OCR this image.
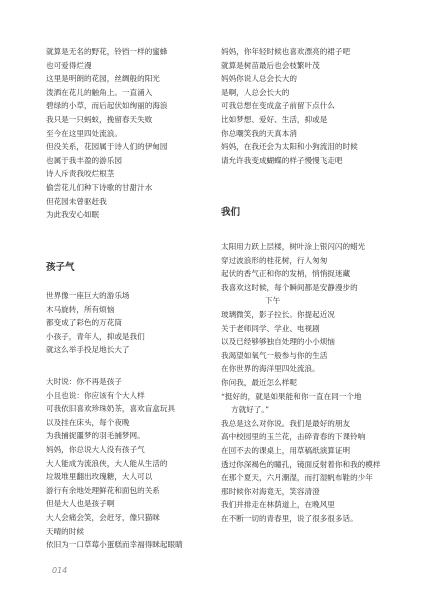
就算是无名的野花，铃铛一样的蜜蜂
也可爱得烂漫
这里是明朗的花园，丝绸般的阳光
泼洒在花儿的触角上。一直涌入
碧绿的小草，而后起伏如绚丽的海浪
我只是一只蚂蚁，挽留春天失败
至今在这里四处流浪。
但没关系，花园属于诗人们的伊甸园
也属于我丰盈的游乐园
诗人斥责我咬烂根茎
偷尝花儿们种下诗歌的甘甜汁水
但花园未曾驱赶我
为此我安心如眠
孩子气
世界像一座巨大的游乐场
木马旋转，所有烦恼
都变成了彩色的万花筒
小孩子，青年人，抑或是我们
就这么举手投足地长大了
大时说：你不再是孩子
小且也说：你应该有个大人样
可我依旧喜欢珍珠奶茶，喜欢盲盒玩具
以及挂在床头，每个夜晚
为我捕捉噩梦的羽毛捕梦网。
妈妈，你总说大人没有孩子气
大人能成为流浪侠，大人能从生活的
垃圾堆里翻出玫瑰糖，大人可以
游行有余地处理鲜花和面包的关系
但是大人也是孩子啊
大人会痛会笑，会赶牙，像只猫咪
天晴的时候
依旧为一口草莓小蛋糕而幸福得眯起眼睛
妈妈，你年轻时候也喜欢漂亮的裙子吧
就算是树苗最后也会枝繁叶茂
妈妈你说人总会长大的
是啊，人总会长大的
可我总想在变成盒子前留下点什么
比如梦想、爱好、生活，抑或是
你总嘲笑我的天真本消
妈妈，在我还会为太阳和小狗流泪的时候
请允许我变成蝴蝶的样子慢慢飞走吧
我们
太阳用力跃上层楼，树叶涂上银闪闪的蜡光
穿过波浪形的桂花树，行人匆匆
起伏的香气正和你的发梢，悄悄捉迷藏
我喜欢这时候，每个瞬间都是安静漫步的
下午
玻璃微笑，影子拉长。你提起近况
关于老师同学、学业、电视剧
以及已经够够独自处理的小小烦恼
我渴望如氧气一般参与你的生活
在你世界的海洋里四处流浪。
你问我，最近怎么样呢
“挺好的，就是如果能和你一直在同一个地
方就好了。”
我总是这么对你说。我们是最好的朋友
高中校园里的玉兰花，击碎青春的下课铃响
在回不去的课桌上，用草稿纸演算证明
透过你深褐色的瞳孔，镜面反射着你和我的模样
在那个夏天，六月潮湿，而打湿帆布鞋的少年
那时候你对海竟无，笑容清澄
我们并排走在林荫道上，在晚风里
在不断一切的青春里，说了很多很多话。
014
